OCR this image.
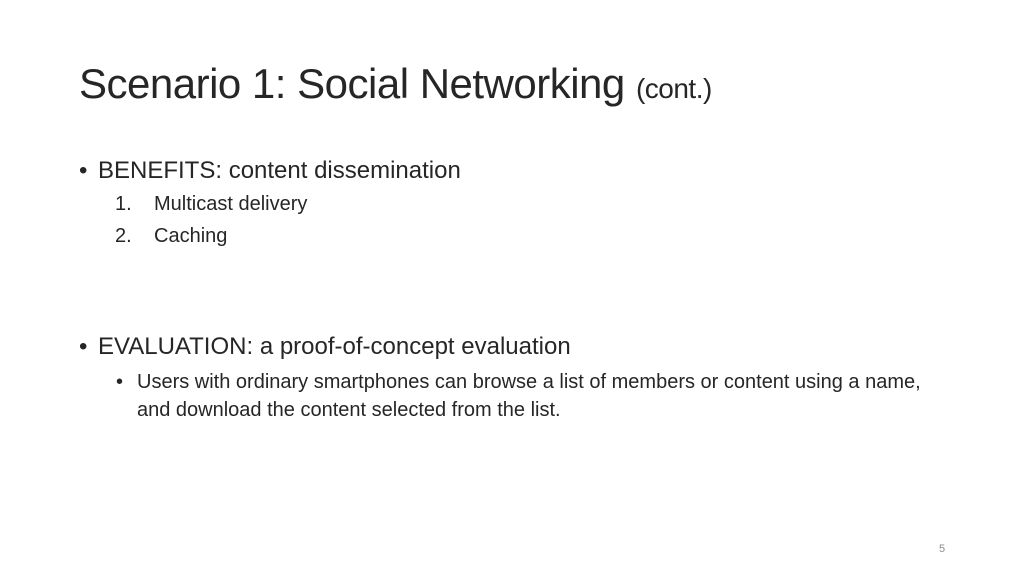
Scenario 1: Social Networking (cont.)
• BENEFITS: content dissemination
1. Multicast delivery
2. Caching
• EVALUATION: a proof-of-concept evaluation
• Users with ordinary smartphones can browse a list of members or content using a name, and download the content selected from the list.
5
